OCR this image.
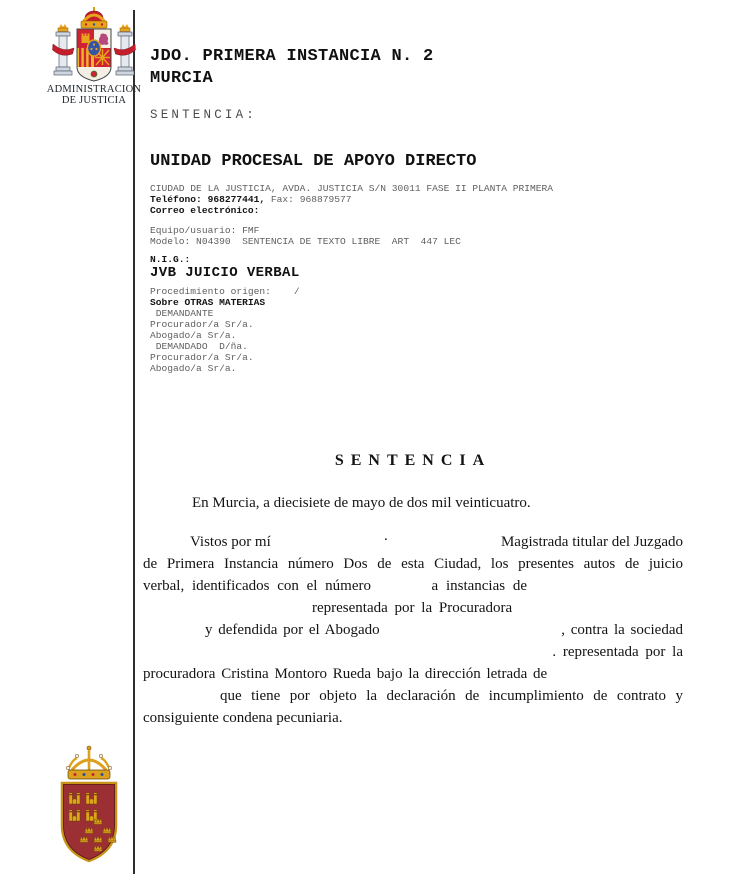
ADMINISTRACION
DE JUSTICIA
JDO. PRIMERA INSTANCIA N. 2
MURCIA
SENTENCIA:
UNIDAD PROCESAL DE APOYO DIRECTO
CIUDAD DE LA JUSTICIA, AVDA. JUSTICIA S/N 30011 FASE II PLANTA PRIMERA
Teléfono: 968277441, Fax: 968879577
Correo electrónico:
Equipo/usuario: FMF
Modelo: N04390  SENTENCIA DE TEXTO LIBRE  ART  447 LEC
N.I.G.:
JVB JUICIO VERBAL
Procedimiento origen:    /
Sobre OTRAS MATERIAS
DEMANDANTE
Procurador/a Sr/a.
Abogado/a Sr/a.
DEMANDADO  D/ña.
Procurador/a Sr/a.
Abogado/a Sr/a.
SENTENCIA
En Murcia, a diecisiete de mayo de dos mil veinticuatro.
Vistos por mí	.	Magistrada titular del Juzgado
de Primera Instancia número Dos de esta Ciudad, los presentes autos de juicio
verbal, identificados con el número	a instancias de
representada por la Procuradora
y defendida por el Abogado	, contra la sociedad
. representada por la
procuradora Cristina Montoro Rueda bajo la dirección letrada de
que tiene por objeto la declaración de incumplimiento de contrato y
consiguiente condena pecuniaria.
